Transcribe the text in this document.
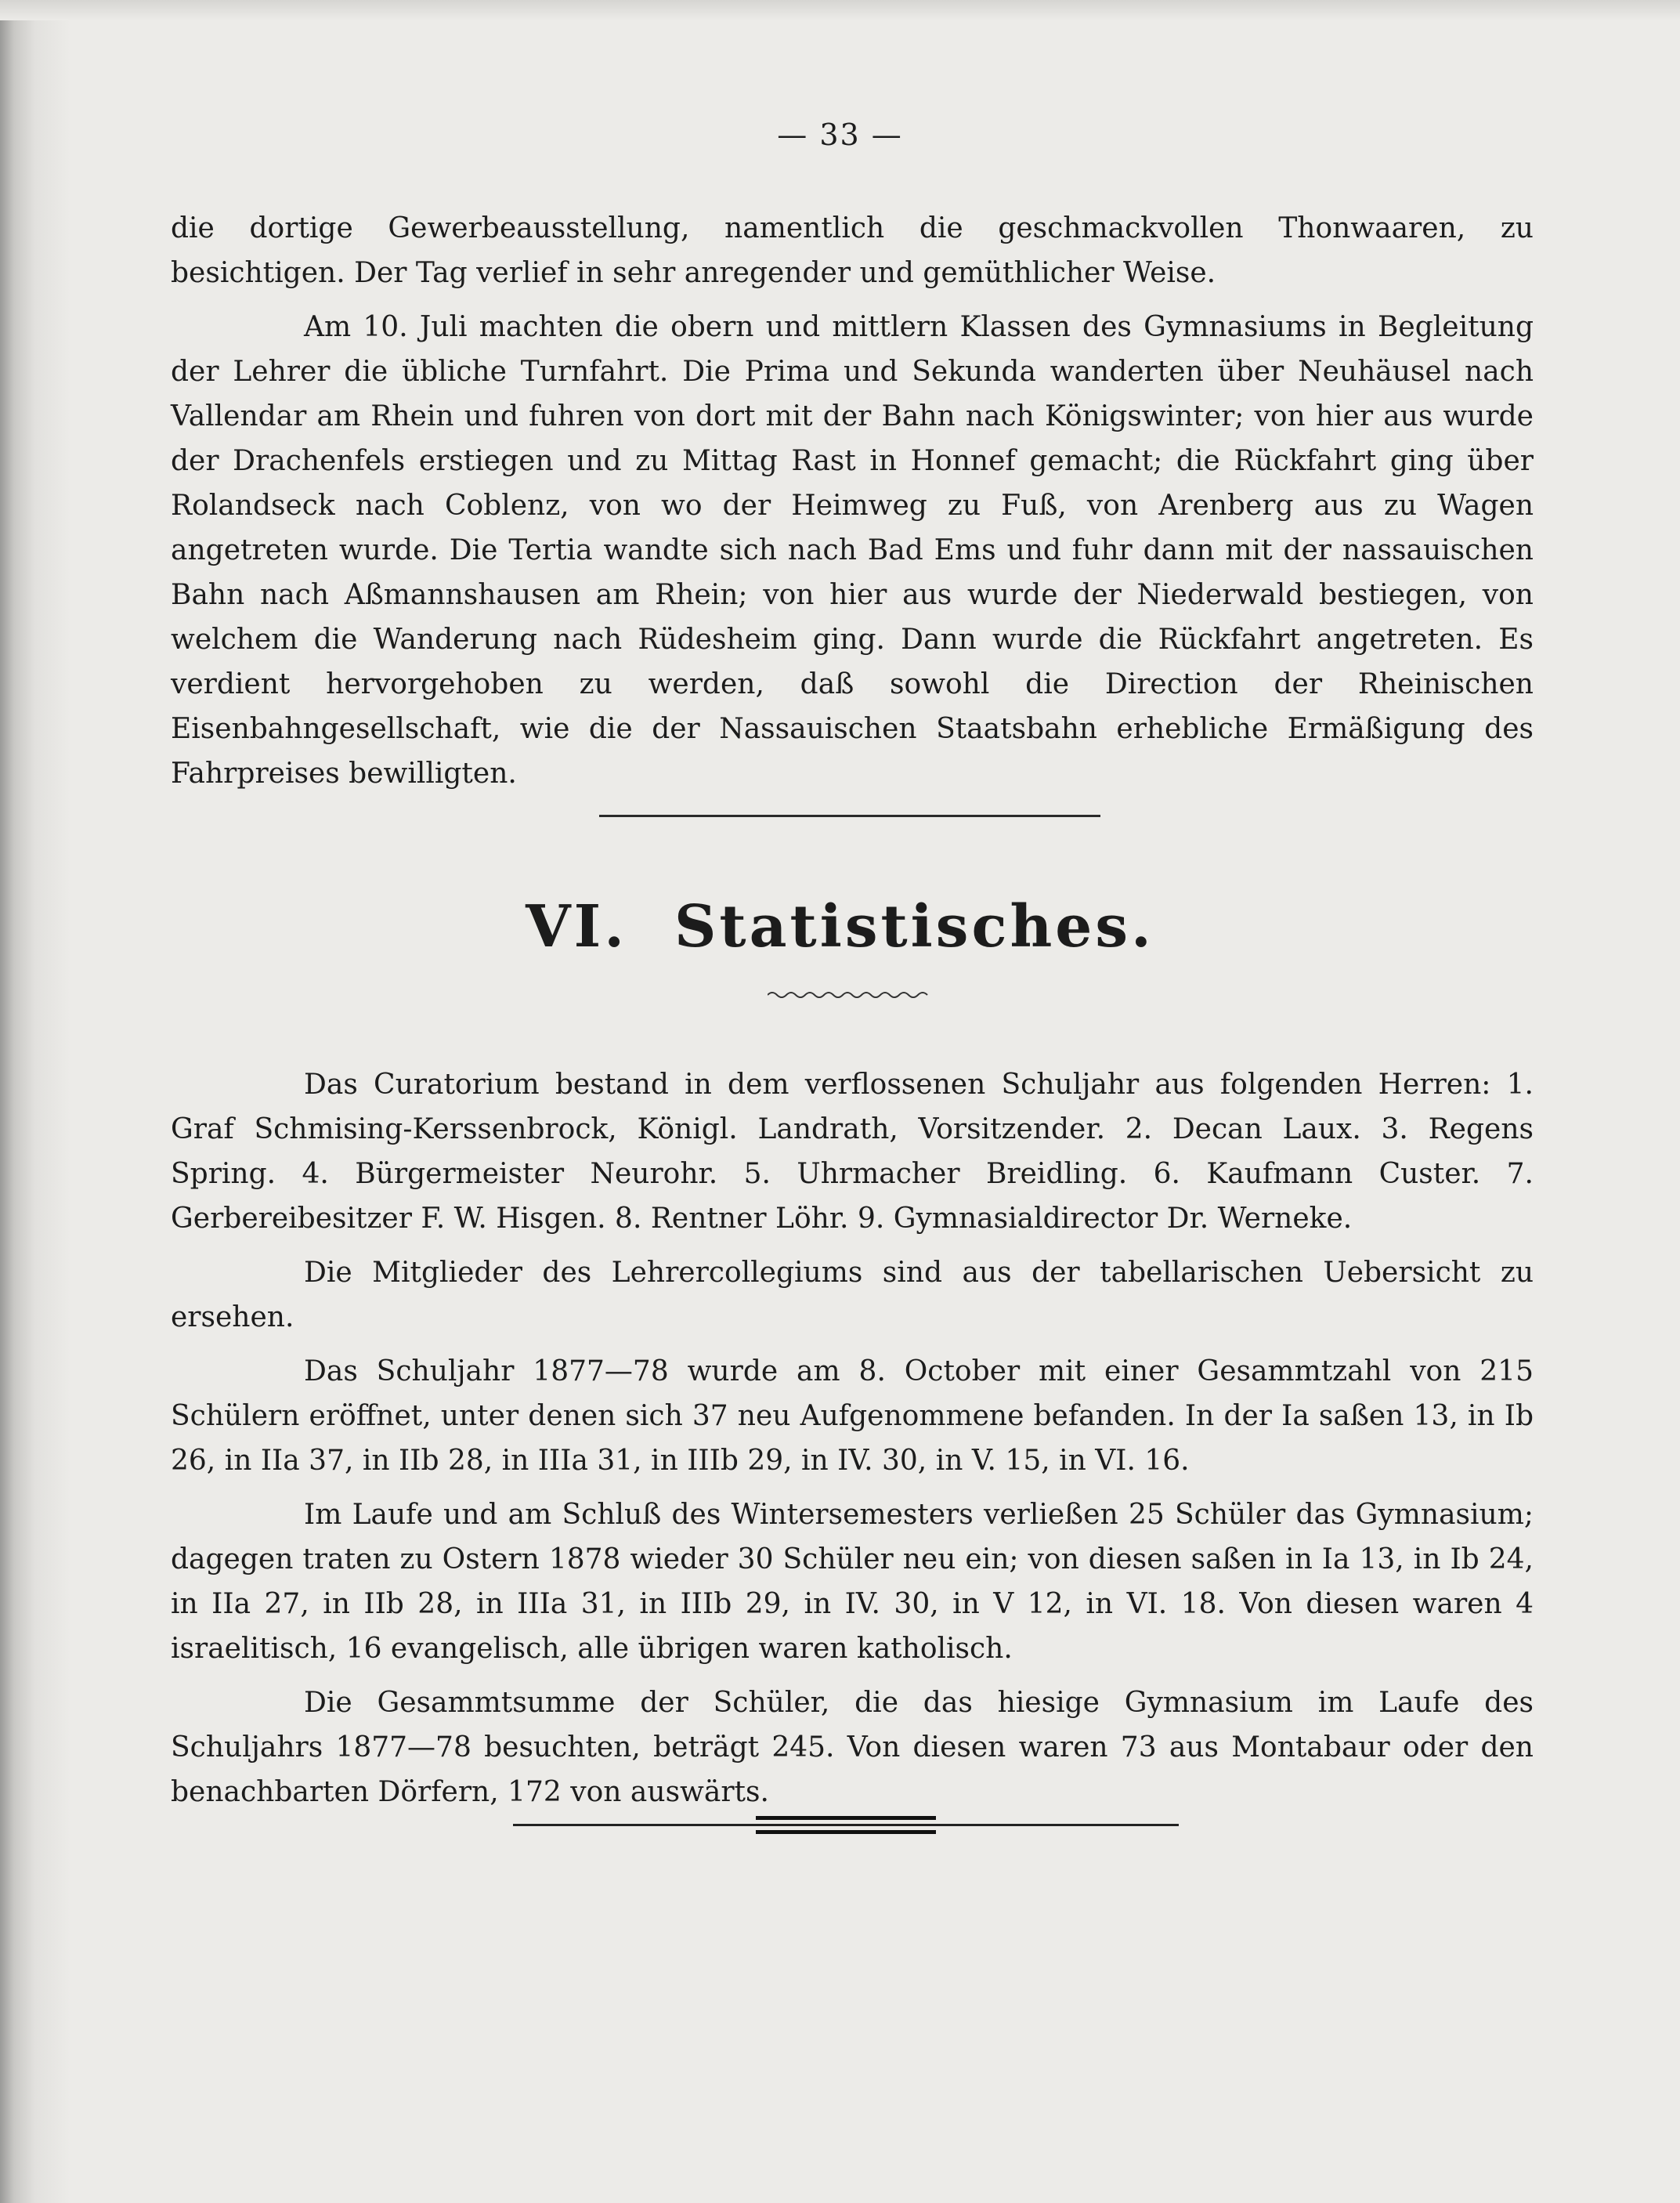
— 33 —

die dortige Gewerbeausstellung, namentlich die geschmackvollen Thonwaaren, zu besichtigen. Der Tag verlief in sehr anregender und gemüthlicher Weise.

Am 10. Juli machten die obern und mittlern Klassen des Gymnasiums in Begleitung der Lehrer die übliche Turnfahrt. Die Prima und Sekunda wanderten über Neuhäusel nach Vallendar am Rhein und fuhren von dort mit der Bahn nach Königswinter; von hier aus wurde der Drachenfels erstiegen und zu Mittag Rast in Honnef gemacht; die Rückfahrt ging über Rolandseck nach Coblenz, von wo der Heimweg zu Fuß, von Arenberg aus zu Wagen angetreten wurde. Die Tertia wandte sich nach Bad Ems und fuhr dann mit der nassauischen Bahn nach Aßmannshausen am Rhein; von hier aus wurde der Niederwald bestiegen, von welchem die Wanderung nach Rüdesheim ging. Dann wurde die Rückfahrt angetreten. Es verdient hervorgehoben zu werden, daß sowohl die Direction der Rheinischen Eisenbahngesellschaft, wie die der Nassauischen Staatsbahn erhebliche Ermäßigung des Fahrpreises bewilligten.

VI. Statistisches.

Das Curatorium bestand in dem verflossenen Schuljahr aus folgenden Herren: 1. Graf Schmising-Kerssenbrock, Königl. Landrath, Vorsitzender. 2. Decan Laux. 3. Regens Spring. 4. Bürgermeister Neurohr. 5. Uhrmacher Breidling. 6. Kaufmann Custer. 7. Gerbereibesitzer F. W. Hisgen. 8. Rentner Löhr. 9. Gymnasialdirector Dr. Werneke.

Die Mitglieder des Lehrercollegiums sind aus der tabellarischen Uebersicht zu ersehen.

Das Schuljahr 1877—78 wurde am 8. October mit einer Gesammtzahl von 215 Schülern eröffnet, unter denen sich 37 neu Aufgenommene befanden. In der Ia saßen 13, in Ib 26, in IIa 37, in IIb 28, in IIIa 31, in IIIb 29, in IV. 30, in V. 15, in VI. 16.

Im Laufe und am Schluß des Wintersemesters verließen 25 Schüler das Gymnasium; dagegen traten zu Ostern 1878 wieder 30 Schüler neu ein; von diesen saßen in Ia 13, in Ib 24, in IIa 27, in IIb 28, in IIIa 31, in IIIb 29, in IV. 30, in V 12, in VI. 18. Von diesen waren 4 israelitisch, 16 evangelisch, alle übrigen waren katholisch.

Die Gesammtsumme der Schüler, die das hiesige Gymnasium im Laufe des Schuljahrs 1877—78 besuchten, beträgt 245. Von diesen waren 73 aus Montabaur oder den benachbarten Dörfern, 172 von auswärts.
